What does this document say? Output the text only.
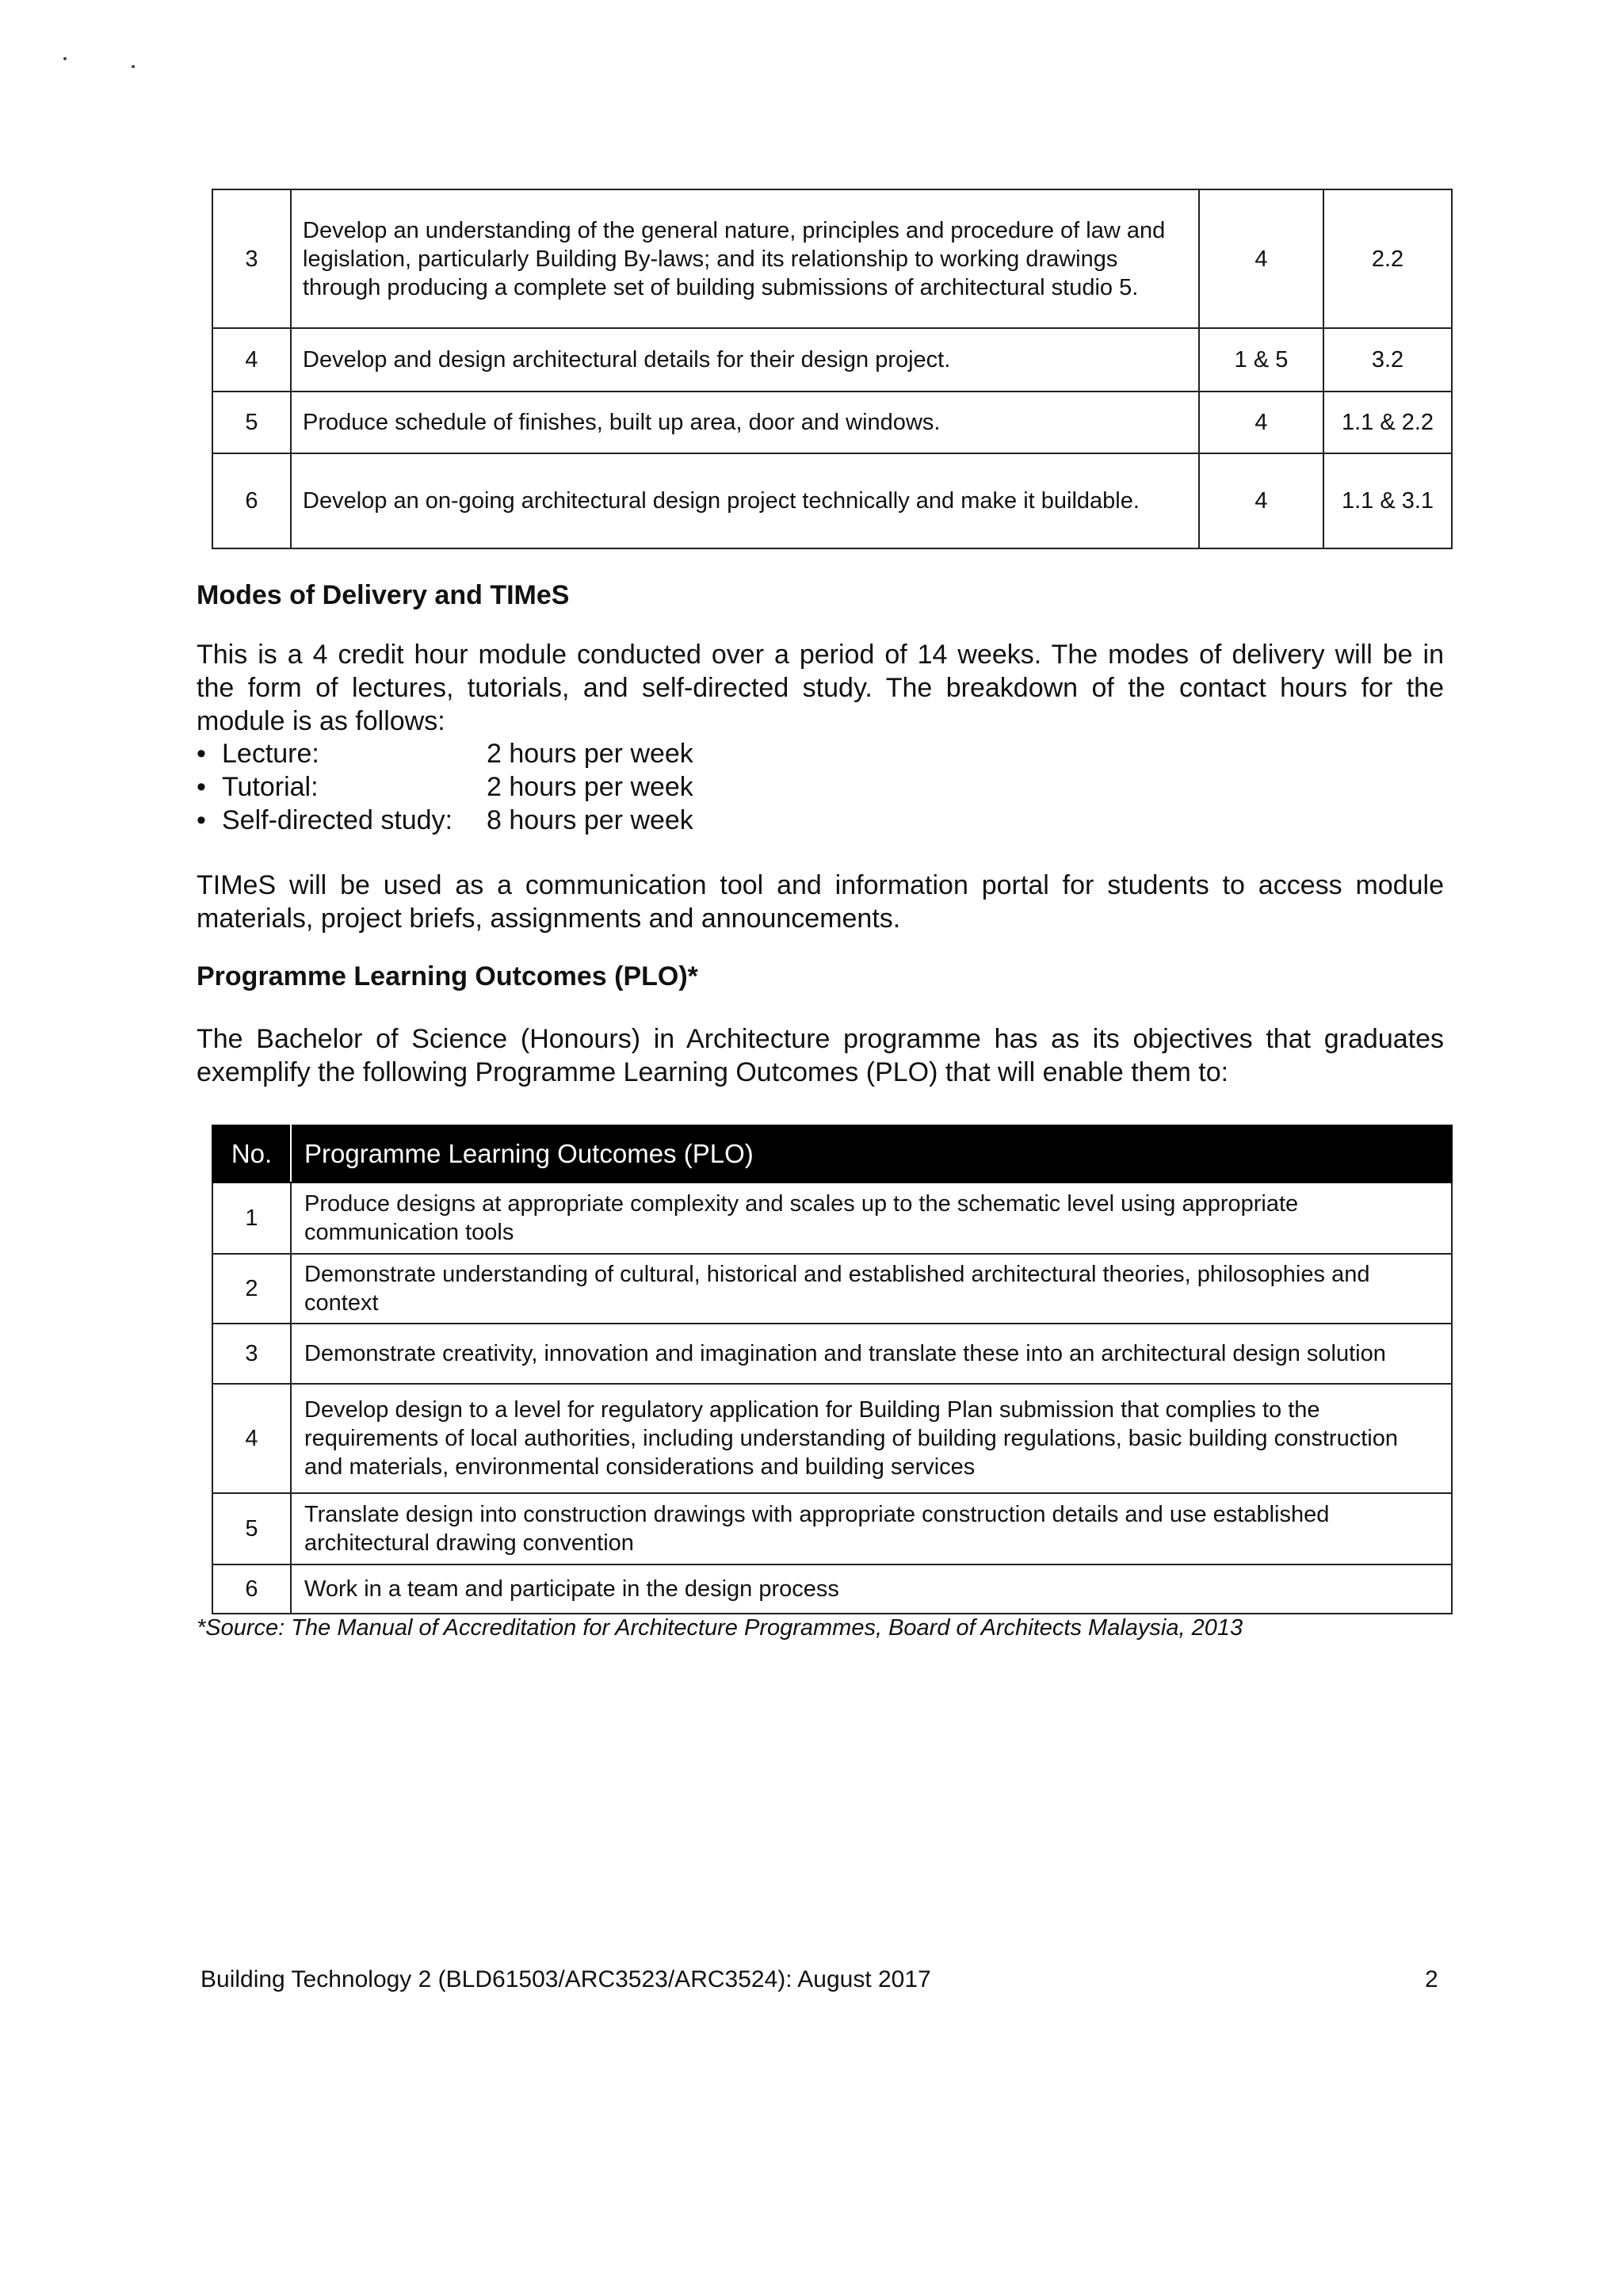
3	Develop an understanding of the general nature, principles and procedure of law and legislation, particularly Building By-laws; and its relationship to working drawings through producing a complete set of building submissions of architectural studio 5.	4	2.2
4	Develop and design architectural details for their design project.	1 & 5	3.2
5	Produce schedule of finishes, built up area, door and windows.	4	1.1 & 2.2
6	Develop an on-going architectural design project technically and make it buildable.	4	1.1 & 3.1
Modes of Delivery and TIMeS
This is a 4 credit hour module conducted over a period of 14 weeks. The modes of delivery will be in
the form of lectures, tutorials, and self-directed study. The breakdown of the contact hours for the
module is as follows:
• Lecture:	2 hours per week
• Tutorial:	2 hours per week
• Self-directed study: 8 hours per week
TIMeS will be used as a communication tool and information portal for students to access module
materials, project briefs, assignments and announcements.
Programme Learning Outcomes (PLO)*
The Bachelor of Science (Honours) in Architecture programme has as its objectives that graduates
exemplify the following Programme Learning Outcomes (PLO) that will enable them to:
No.	Programme Learning Outcomes (PLO)
1	Produce designs at appropriate complexity and scales up to the schematic level using appropriate communication tools
2	Demonstrate understanding of cultural, historical and established architectural theories, philosophies and context
3	Demonstrate creativity, innovation and imagination and translate these into an architectural design solution
4	Develop design to a level for regulatory application for Building Plan submission that complies to the requirements of local authorities, including understanding of building regulations, basic building construction and materials, environmental considerations and building services
5	Translate design into construction drawings with appropriate construction details and use established architectural drawing convention
6	Work in a team and participate in the design process
*Source: The Manual of Accreditation for Architecture Programmes, Board of Architects Malaysia, 2013
Building Technology 2 (BLD61503/ARC3523/ARC3524): August 2017	2
